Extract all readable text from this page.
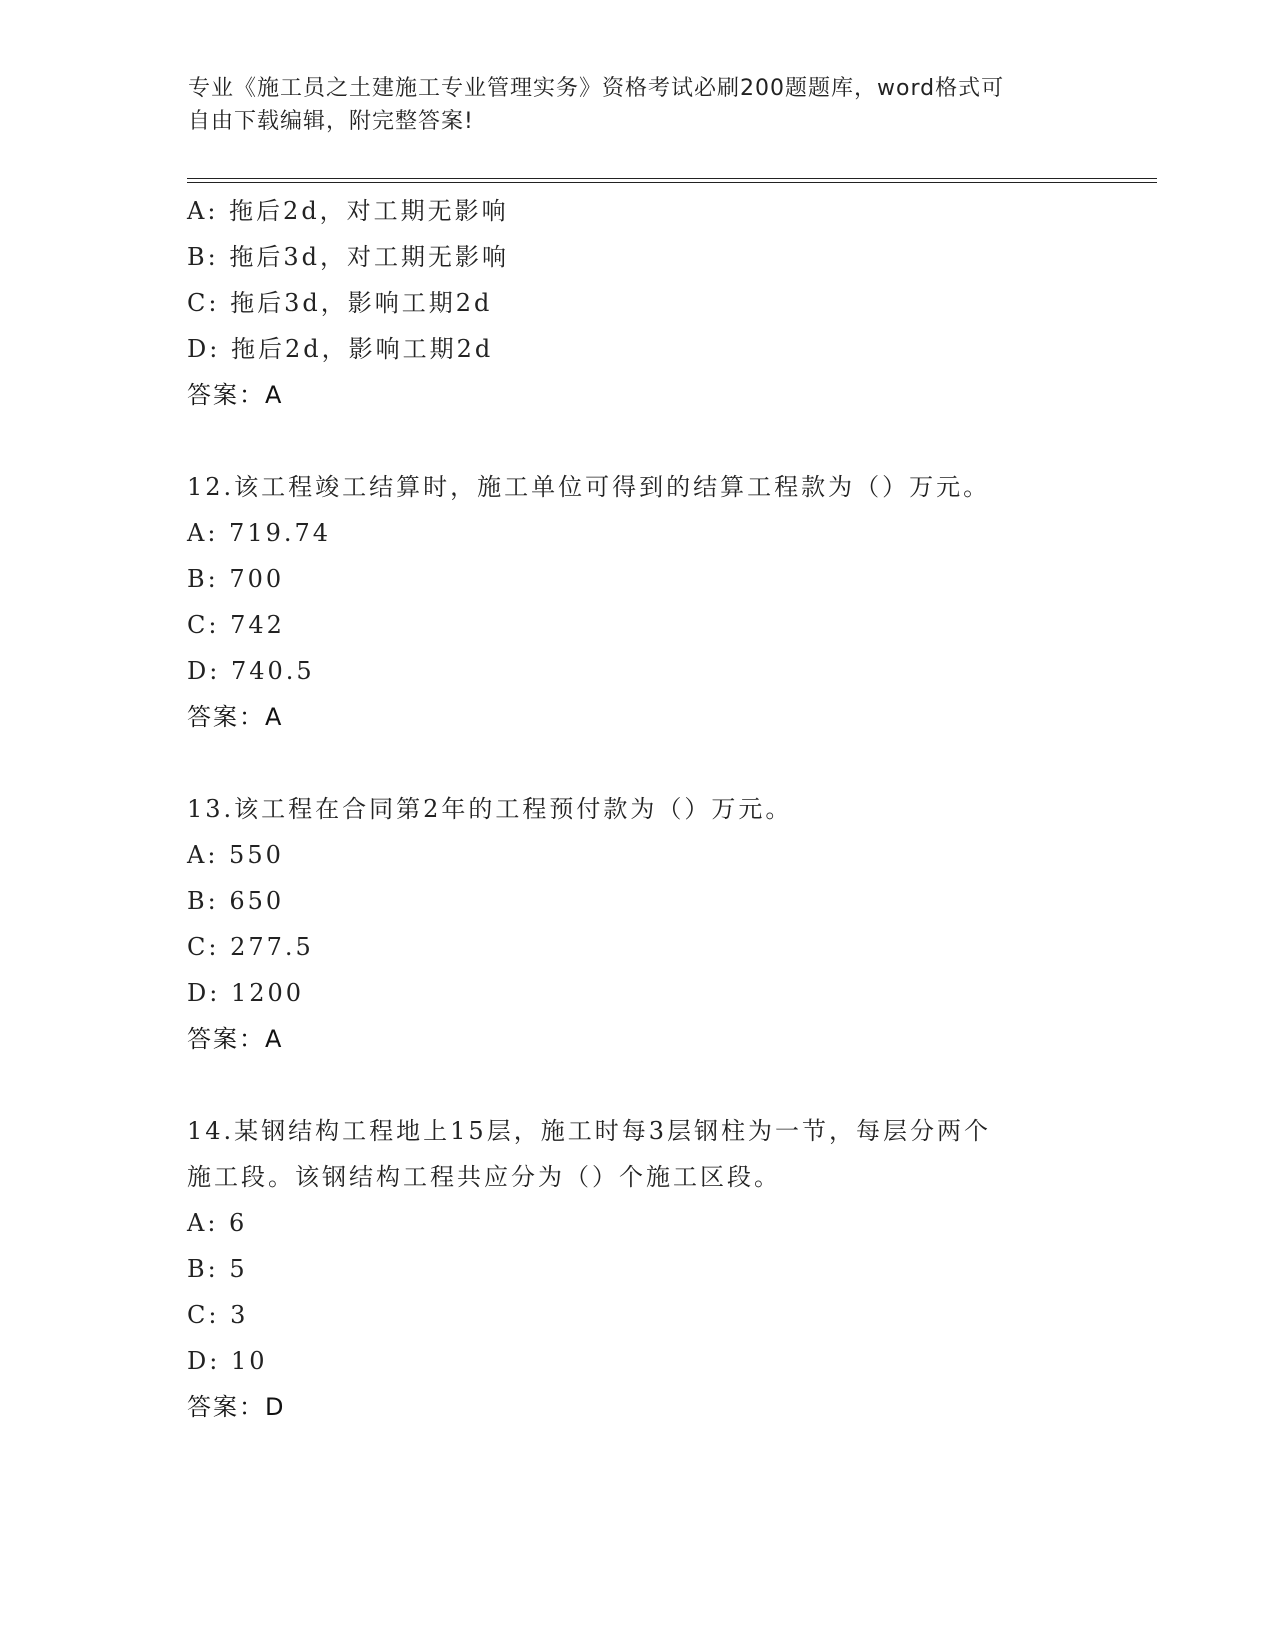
专业《施工员之土建施工专业管理实务》资格考试必刷200题题库，word格式可
自由下载编辑，附完整答案!
A: 拖后2d，对工期无影响
B: 拖后3d，对工期无影响
C: 拖后3d，影响工期2d
D: 拖后2d，影响工期2d
答案：A
12.该工程竣工结算时，施工单位可得到的结算工程款为（）万元。
A: 719.74
B: 700
C: 742
D: 740.5
答案：A
13.该工程在合同第2年的工程预付款为（）万元。
A: 550
B: 650
C: 277.5
D: 1200
答案：A
14.某钢结构工程地上15层，施工时每3层钢柱为一节，每层分两个
施工段。该钢结构工程共应分为（）个施工区段。
A: 6
B: 5
C: 3
D: 10
答案：D
